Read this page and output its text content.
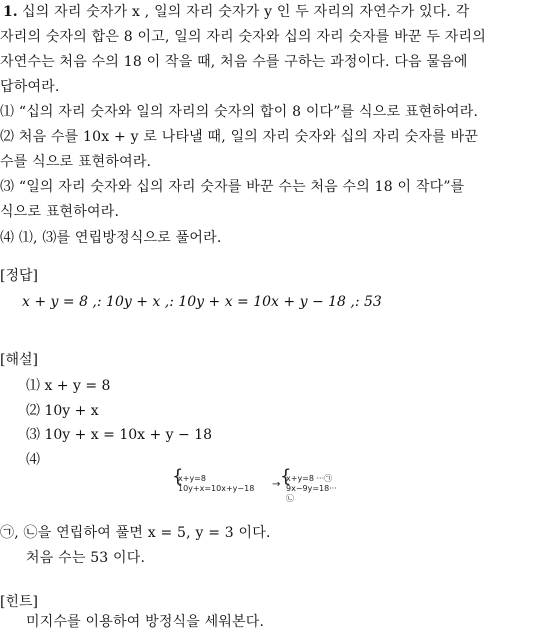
1. 십의 자리 숫자가 x , 일의 자리 숫자가 y 인 두 자리의 자연수가 있다. 각
자리의 숫자의 합은 8 이고, 일의 자리 숫자와 십의 자리 숫자를 바꾼 두 자리의
자연수는 처음 수의 18 이 작을 때, 처음 수를 구하는 과정이다. 다음 물음에
답하여라.
⑴ “십의 자리 숫자와 일의 자리의 숫자의 합이 8 이다”를 식으로 표현하여라.
⑵ 처음 수를 10x + y 로 나타낼 때, 일의 자리 숫자와 십의 자리 숫자를 바꾼
수를 식으로 표현하여라.
⑶ “일의 자리 숫자와 십의 자리 숫자를 바꾼 수는 처음 수의 18 이 작다”를
식으로 표현하여라.
⑷ ⑴, ⑶를 연립방정식으로 풀어라.
[정답]
x + y = 8 ,: 10y + x ,: 10y + x = 10x + y − 18 ,: 53
[해설]
⑴ x + y = 8
⑵ 10y + x
⑶ 10y + x = 10x + y − 18
⑷
{
x+y=8
10y+x=10x+y−18 → {
x+y=8 ···㉠
9x−9y=18···㉡
㉠, ㉡을 연립하여 풀면 x = 5, y = 3 이다.
처음 수는 53 이다.
[힌트]
미지수를 이용하여 방정식을 세워본다.
